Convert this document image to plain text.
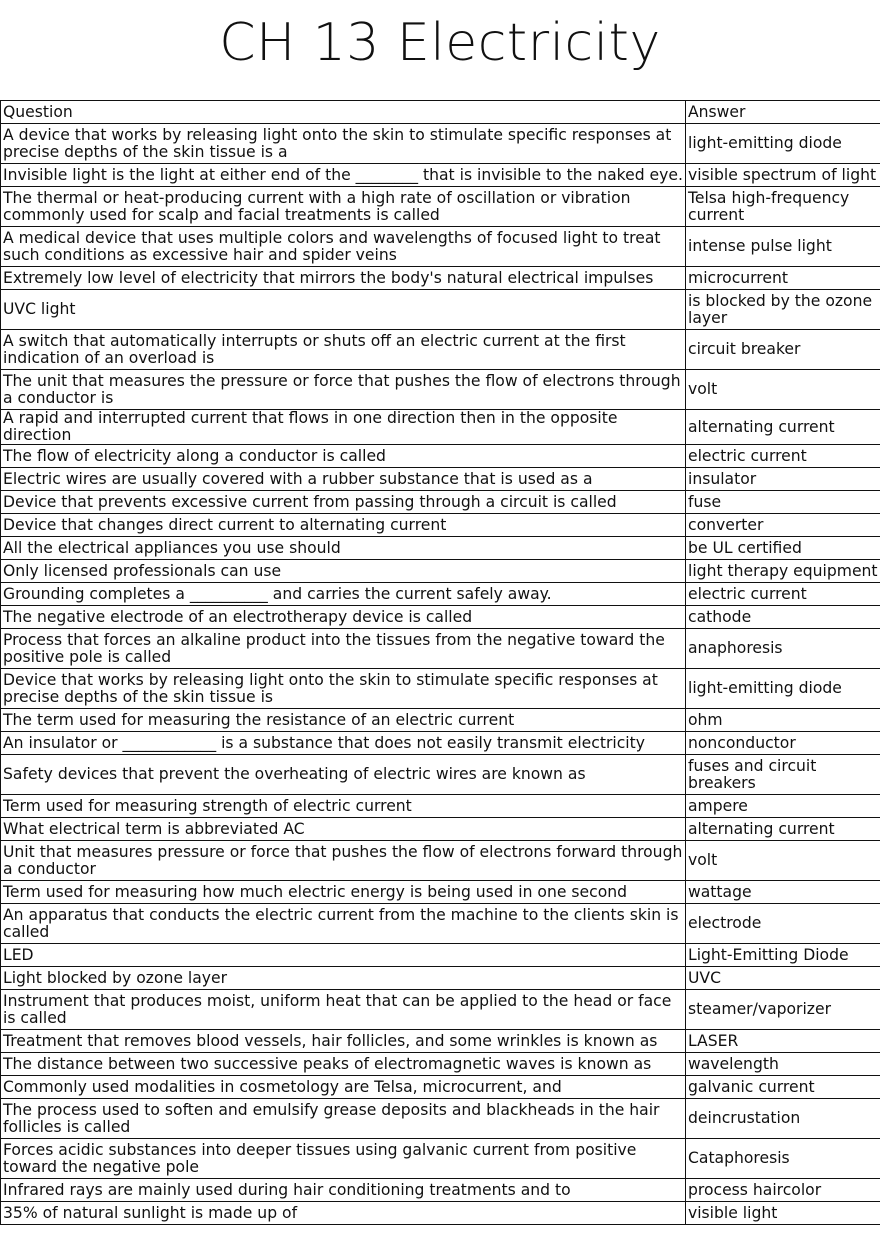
CH 13 Electricity
Question	Answer
A device that works by releasing light onto the skin to stimulate specific responses at precise depths of the skin tissue is a	light-emitting diode
Invisible light is the light at either end of the ________ that is invisible to the naked eye.	visible spectrum of light
The thermal or heat-producing current with a high rate of oscillation or vibration commonly used for scalp and facial treatments is called	Telsa high-frequency current
A medical device that uses multiple colors and wavelengths of focused light to treat such conditions as excessive hair and spider veins	intense pulse light
Extremely low level of electricity that mirrors the body's natural electrical impulses	microcurrent
UVC light	is blocked by the ozone layer
A switch that automatically interrupts or shuts off an electric current at the first indication of an overload is	circuit breaker
The unit that measures the pressure or force that pushes the flow of electrons through a conductor is	volt
A rapid and interrupted current that flows in one direction then in the opposite direction	alternating current
The flow of electricity along a conductor is called	electric current
Electric wires are usually covered with a rubber substance that is used as a	insulator
Device that prevents excessive current from passing through a circuit is called	fuse
Device that changes direct current to alternating current	converter
All the electrical appliances you use should	be UL certified
Only licensed professionals can use	light therapy equipment
Grounding completes a __________ and carries the current safely away.	electric current
The negative electrode of an electrotherapy device is called	cathode
Process that forces an alkaline product into the tissues from the negative toward the positive pole is called	anaphoresis
Device that works by releasing light onto the skin to stimulate specific responses at precise depths of the skin tissue is	light-emitting diode
The term used for measuring the resistance of an electric current	ohm
An insulator or ____________ is a substance that does not easily transmit electricity	nonconductor
Safety devices that prevent the overheating of electric wires are known as	fuses and circuit breakers
Term used for measuring strength of electric current	ampere
What electrical term is abbreviated AC	alternating current
Unit that measures pressure or force that pushes the flow of electrons forward through a conductor	volt
Term used for measuring how much electric energy is being used in one second	wattage
An apparatus that conducts the electric current from the machine to the clients skin is called	electrode
LED	Light-Emitting Diode
Light blocked by ozone layer	UVC
Instrument that produces moist, uniform heat that can be applied to the head or face is called	steamer/vaporizer
Treatment that removes blood vessels, hair follicles, and some wrinkles is known as	LASER
The distance between two successive peaks of electromagnetic waves is known as	wavelength
Commonly used modalities in cosmetology are Telsa, microcurrent, and	galvanic current
The process used to soften and emulsify grease deposits and blackheads in the hair follicles is called	deincrustation
Forces acidic substances into deeper tissues using galvanic current from positive toward the negative pole	Cataphoresis
Infrared rays are mainly used during hair conditioning treatments and to	process haircolor
35% of natural sunlight is made up of	visible light
